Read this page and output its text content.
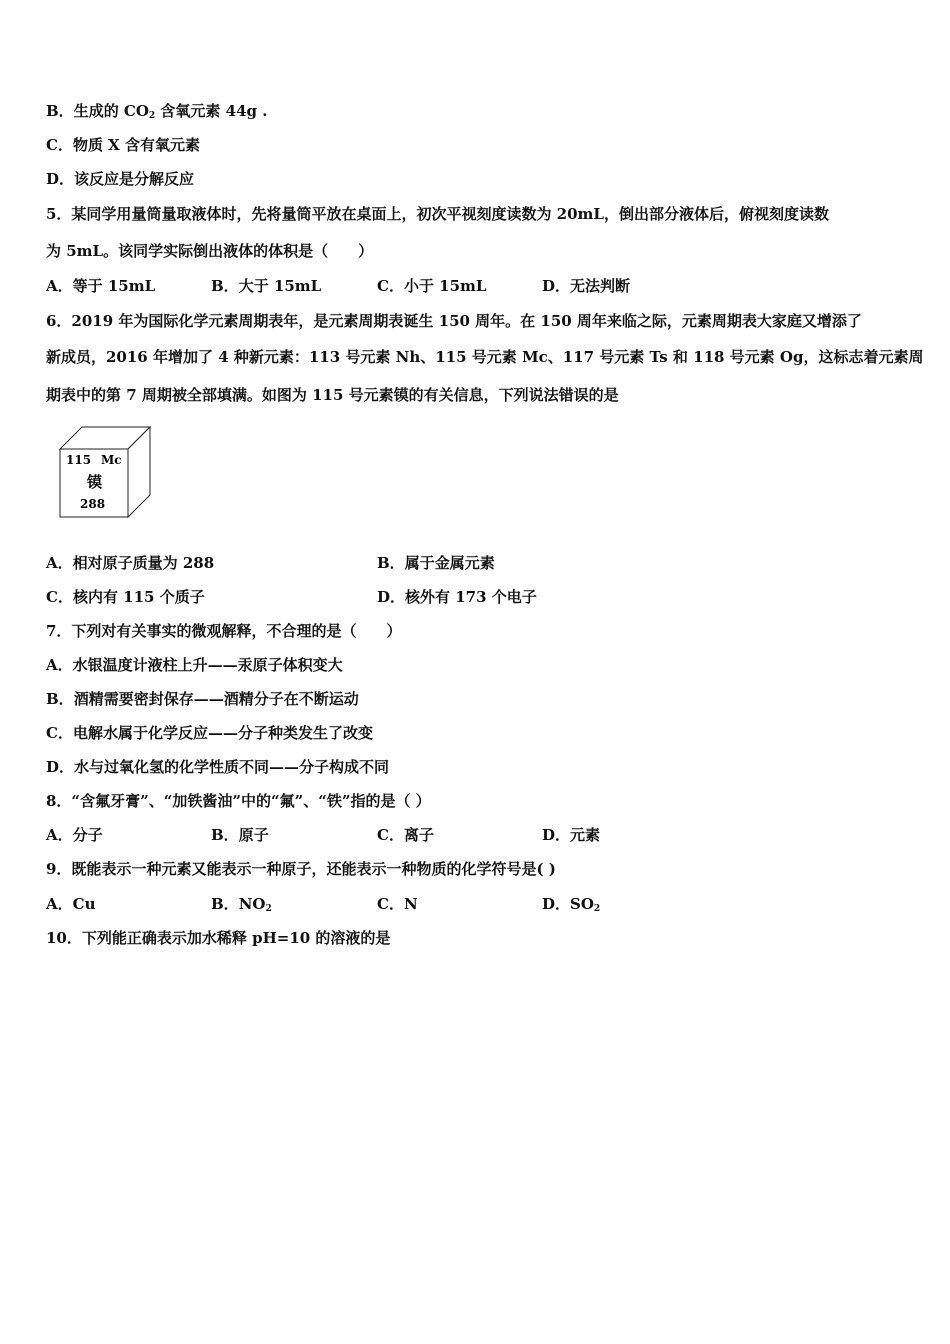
B．生成的 $CO_2$ 含氧元素 44g .
C．物质 X 含有氧元素
D．该反应是分解反应
5．某同学用量筒量取液体时，先将量筒平放在桌面上，初次平视刻度读数为 20mL，倒出部分液体后，俯视刻度读数
为 5mL。该同学实际倒出液体的体积是（　　）
A．等于 15mL	B．大于 15mL	C．小于 15mL	D．无法判断
6．2019 年为国际化学元素周期表年，是元素周期表诞生 150 周年。在 150 周年来临之际，元素周期表大家庭又增添了
新成员，2016 年增加了 4 种新元素：113 号元素 Nh、115 号元素 Mc、117 号元素 Ts 和 118 号元素 Og，这标志着元素周
期表中的第 7 周期被全部填满。如图为 115 号元素镆的有关信息，下列说法错误的是
115 Mc
镆
288
A．相对原子质量为 288	B．属于金属元素
C．核内有 115 个质子	D．核外有 173 个电子
7．下列对有关事实的微观解释，不合理的是（　　）
A．水银温度计液柱上升——汞原子体积变大
B．酒精需要密封保存——酒精分子在不断运动
C．电解水属于化学反应——分子种类发生了改变
D．水与过氧化氢的化学性质不同——分子构成不同
8．“含氟牙膏”、“加铁酱油”中的“氟”、“铁”指的是（ ）
A．分子	B．原子	C．离子	D．元素
9．既能表示一种元素又能表示一种原子，还能表示一种物质的化学符号是( )
A．Cu	B．$NO_2$	C．N	D．$SO_2$
10．下列能正确表示加水稀释 pH=10 的溶液的是
